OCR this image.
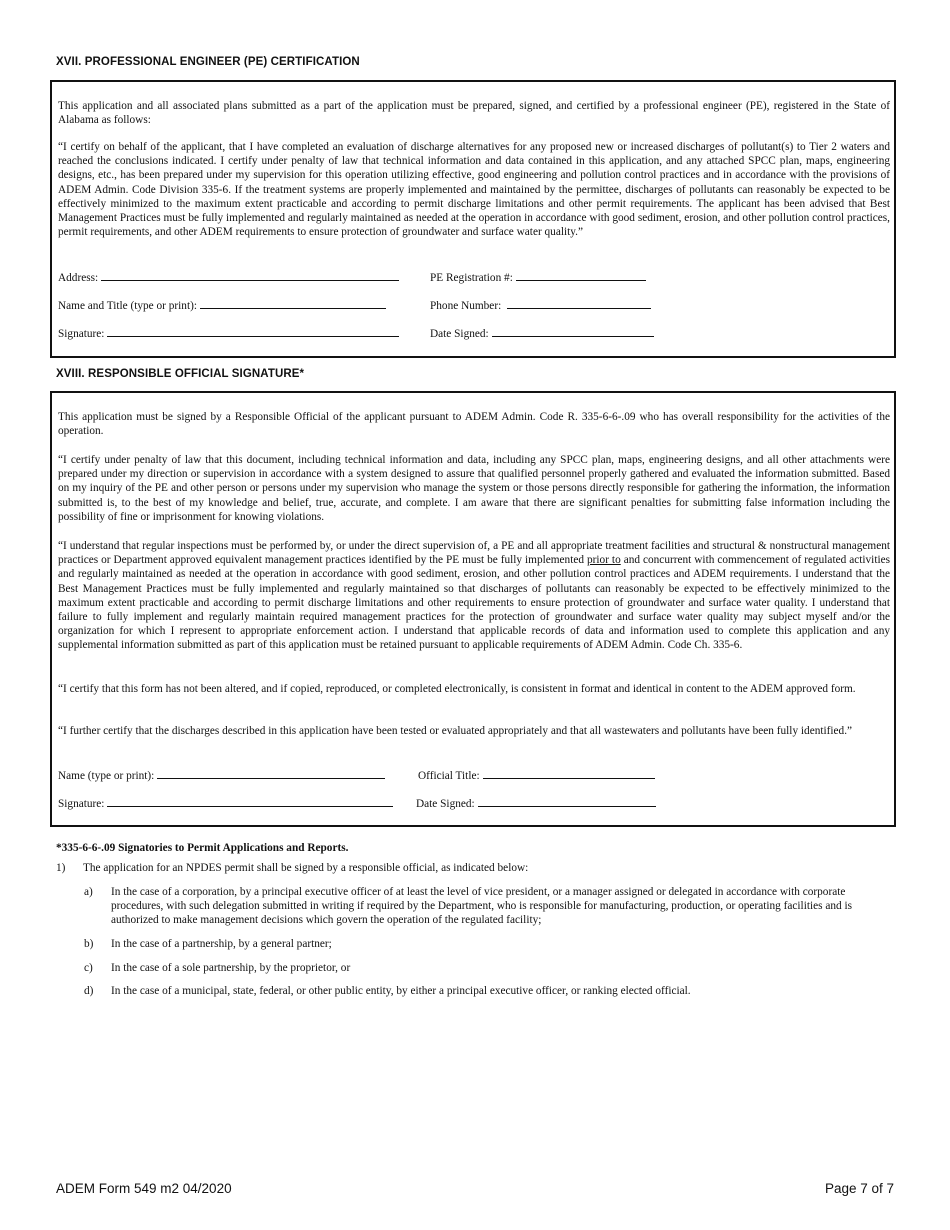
XVII. PROFESSIONAL ENGINEER (PE) CERTIFICATION

This application and all associated plans submitted as a part of the application must be prepared, signed, and certified by a professional engineer (PE), registered in the State of Alabama as follows:

“I certify on behalf of the applicant, that I have completed an evaluation of discharge alternatives for any proposed new or increased discharges of pollutant(s) to Tier 2 waters and reached the conclusions indicated. I certify under penalty of law that technical information and data contained in this application, and any attached SPCC plan, maps, engineering designs, etc., has been prepared under my supervision for this operation utilizing effective, good engineering and pollution control practices and in accordance with the provisions of ADEM Admin. Code Division 335-6. If the treatment systems are properly implemented and maintained by the permittee, discharges of pollutants can reasonably be expected to be effectively minimized to the maximum extent practicable and according to permit discharge limitations and other permit requirements. The applicant has been advised that Best Management Practices must be fully implemented and regularly maintained as needed at the operation in accordance with good sediment, erosion, and other pollution control practices, permit requirements, and other ADEM requirements to ensure protection of groundwater and surface water quality.”

Address:	PE Registration #:
Name and Title (type or print):	Phone Number:
Signature:	Date Signed:
XVIII. RESPONSIBLE OFFICIAL SIGNATURE*

This application must be signed by a Responsible Official of the applicant pursuant to ADEM Admin. Code R. 335-6-6-.09 who has overall responsibility for the activities of the operation.

“I certify under penalty of law that this document, including technical information and data, including any SPCC plan, maps, engineering designs, and all other attachments were prepared under my direction or supervision in accordance with a system designed to assure that qualified personnel properly gathered and evaluated the information submitted. Based on my inquiry of the PE and other person or persons under my supervision who manage the system or those persons directly responsible for gathering the information, the information submitted is, to the best of my knowledge and belief, true, accurate, and complete. I am aware that there are significant penalties for submitting false information including the possibility of fine or imprisonment for knowing violations.

“I understand that regular inspections must be performed by, or under the direct supervision of, a PE and all appropriate treatment facilities and structural & nonstructural management practices or Department approved equivalent management practices identified by the PE must be fully implemented prior to and concurrent with commencement of regulated activities and regularly maintained as needed at the operation in accordance with good sediment, erosion, and other pollution control practices and ADEM requirements. I understand that the Best Management Practices must be fully implemented and regularly maintained so that discharges of pollutants can reasonably be expected to be effectively minimized to the maximum extent practicable and according to permit discharge limitations and other requirements to ensure protection of groundwater and surface water quality. I understand that failure to fully implement and regularly maintain required management practices for the protection of groundwater and surface water quality may subject myself and/or the organization for which I represent to appropriate enforcement action. I understand that applicable records of data and information used to complete this application and any supplemental information submitted as part of this application must be retained pursuant to applicable requirements of ADEM Admin. Code Ch. 335-6.

“I certify that this form has not been altered, and if copied, reproduced, or completed electronically, is consistent in format and identical in content to the ADEM approved form.

“I further certify that the discharges described in this application have been tested or evaluated appropriately and that all wastewaters and pollutants have been fully identified.”

Name (type or print):	Official Title:
Signature:	Date Signed:
*335-6-6-.09 Signatories to Permit Applications and Reports.
1) The application for an NPDES permit shall be signed by a responsible official, as indicated below:
a) In the case of a corporation, by a principal executive officer of at least the level of vice president, or a manager assigned or delegated in accordance with corporate procedures, with such delegation submitted in writing if required by the Department, who is responsible for manufacturing, production, or operating facilities and is authorized to make management decisions which govern the operation of the regulated facility;
b) In the case of a partnership, by a general partner;
c) In the case of a sole partnership, by the proprietor, or
d) In the case of a municipal, state, federal, or other public entity, by either a principal executive officer, or ranking elected official.
ADEM Form 549 m2 04/2020	Page 7 of 7
